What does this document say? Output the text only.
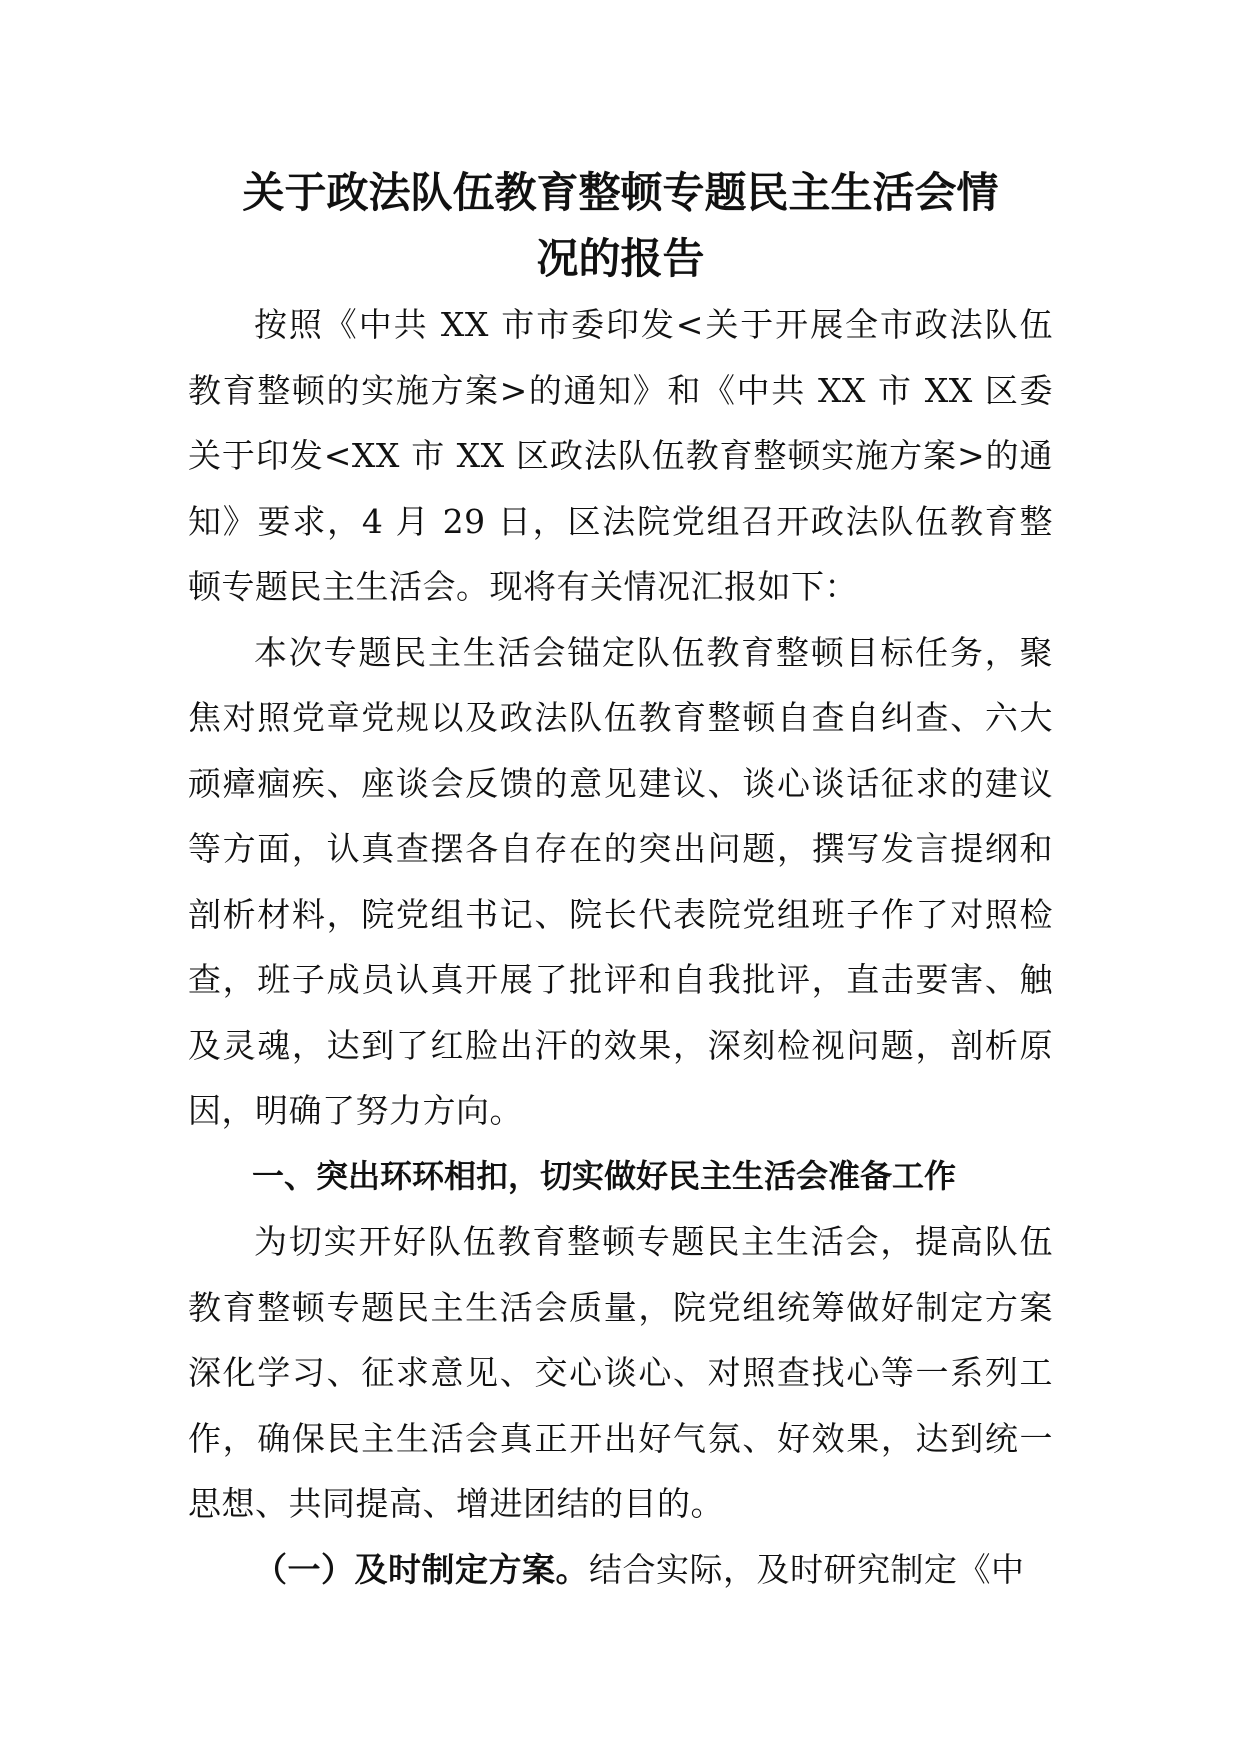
关于政法队伍教育整顿专题民主生活会情
况的报告

按照《中共 XX 市市委印发<关于开展全市政法队伍教育整顿的实施方案>的通知》和《中共 XX 市 XX 区委关于印发<XX 市 XX 区政法队伍教育整顿实施方案>的通知》要求，4 月 29 日，区法院党组召开政法队伍教育整顿专题民主生活会。现将有关情况汇报如下：

本次专题民主生活会锚定队伍教育整顿目标任务，聚焦对照党章党规以及政法队伍教育整顿自查自纠查、六大顽瘴痼疾、座谈会反馈的意见建议、谈心谈话征求的建议等方面，认真查摆各自存在的突出问题，撰写发言提纲和剖析材料，院党组书记、院长代表院党组班子作了对照检查，班子成员认真开展了批评和自我批评，直击要害、触及灵魂，达到了红脸出汗的效果，深刻检视问题，剖析原因，明确了努力方向。

一、突出环环相扣，切实做好民主生活会准备工作

为切实开好队伍教育整顿专题民主生活会，提高队伍教育整顿专题民主生活会质量，院党组统筹做好制定方案深化学习、征求意见、交心谈心、对照查找心等一系列工作，确保民主生活会真正开出好气氛、好效果，达到统一思想、共同提高、增进团结的目的。

（一）及时制定方案。结合实际，及时研究制定《中
